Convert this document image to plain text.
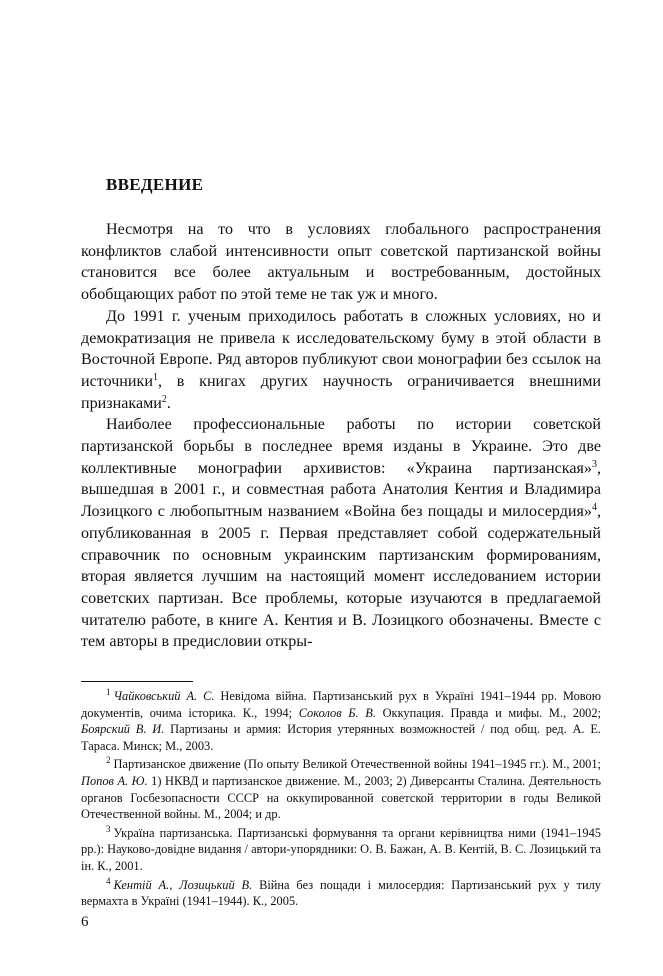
ВВЕДЕНИЕ

Несмотря на то что в условиях глобального распространения конфликтов слабой интенсивности опыт советской партизанской войны становится все более актуальным и востребованным, достойных обобщающих работ по этой теме не так уж и много.

До 1991 г. ученым приходилось работать в сложных условиях, но и демократизация не привела к исследовательскому буму в этой области в Восточной Европе. Ряд авторов публикуют свои монографии без ссылок на источники$^1$, в книгах других научность ограничивается внешними признаками$^2$.

Наиболее профессиональные работы по истории советской партизанской борьбы в последнее время изданы в Украине. Это две коллективные монографии архивистов: «Украина партизанская»$^3$, вышедшая в 2001 г., и совместная работа Анатолия Кентия и Владимира Лозицкого с любопытным названием «Война без пощады и милосердия»$^4$, опубликованная в 2005 г. Первая представляет собой содержательный справочник по основным украинским партизанским формированиям, вторая является лучшим на настоящий момент исследованием истории советских партизан. Все проблемы, которые изучаются в предлагаемой читателю работе, в книге А. Кентия и В. Лозицкого обозначены. Вместе с тем авторы в предисловии откры-

$^1$ Чайковський А. С. Невідома війна. Партизанський рух в Україні 1941–1944 рр. Мовою документів, очима історика. К., 1994; Соколов Б. В. Оккупация. Правда и мифы. М., 2002; Боярский В. И. Партизаны и армия: История утерянных возможностей / под общ. ред. А. Е. Тараса. Минск; М., 2003.

$^2$ Партизанское движение (По опыту Великой Отечественной войны 1941–1945 гг.). М., 2001; Попов А. Ю. 1) НКВД и партизанское движение. М., 2003; 2) Диверсанты Сталина. Деятельность органов Госбезопасности СССР на оккупированной советской территории в годы Великой Отечественной войны. М., 2004; и др.

$^3$ Україна партизанська. Партизанські формування та органи керівництва ними (1941–1945 рр.): Науково-довідне видання / автори-упорядники: О. В. Бажан, А. В. Кентій, В. С. Лозицький та ін. К., 2001.

$^4$ Кентій А., Лозицький В. Війна без пощади і милосердия: Партизанський рух у тилу вермахта в Україні (1941–1944). К., 2005.

6
